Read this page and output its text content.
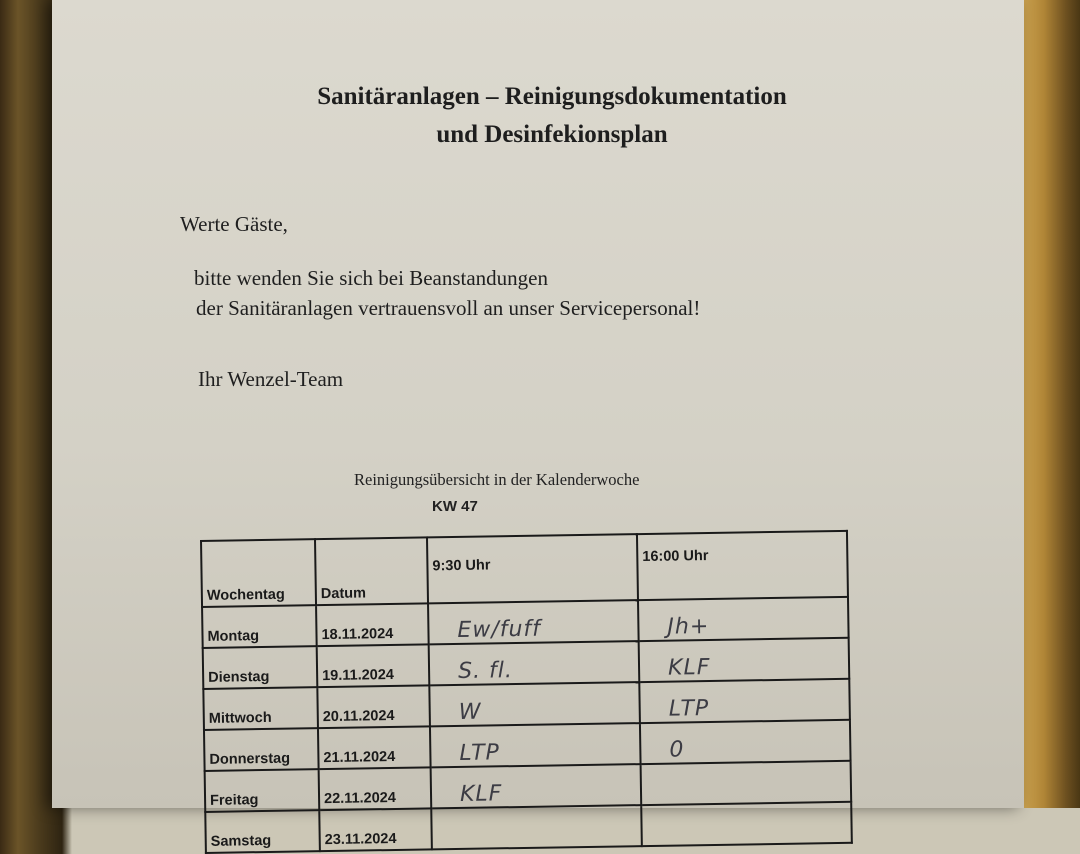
Sanitäranlagen – Reinigungsdokumentation
und Desinfekionsplan
Werte Gäste,
bitte wenden Sie sich bei Beanstandungen
der Sanitäranlagen vertrauensvoll an unser Servicepersonal!
Ihr Wenzel-Team
Reinigungsübersicht in der Kalenderwoche
KW 47
Wochentag	Datum	9:30 Uhr	16:00 Uhr
Montag	18.11.2024	Ew/fuff	Jh+

Dienstag	19.11.2024	S. fl.	KLF

Mittwoch	20.11.2024	W	LTP

Donnerstag	21.11.2024	LTP	0

Freitag	22.11.2024	KLF	

Samstag	23.11.2024	
